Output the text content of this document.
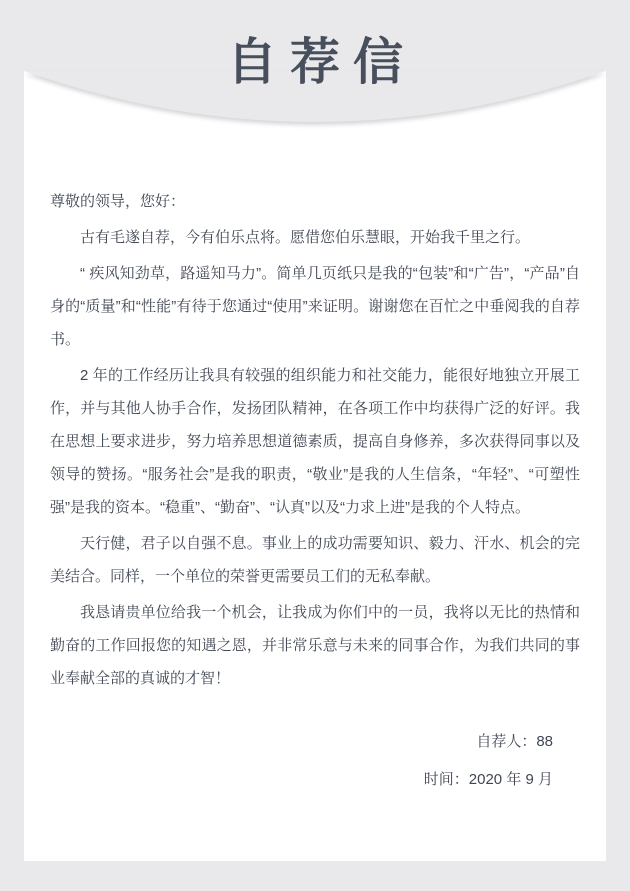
尊敬的领导，您好：

古有毛遂自荐，今有伯乐点将。愿借您伯乐慧眼，开始我千里之行。

“ 疾风知劲草，路遥知马力”。简单几页纸只是我的“包装”和“广告”，“产品”自身的“质量”和“性能”有待于您通过“使用”来证明。谢谢您在百忙之中垂阅我的自荐书。

2 年的工作经历让我具有较强的组织能力和社交能力，能很好地独立开展工作，并与其他人协手合作，发扬团队精神，在各项工作中均获得广泛的好评。我在思想上要求进步，努力培养思想道德素质，提高自身修养，多次获得同事以及领导的赞扬。“服务社会”是我的职责，“敬业”是我的人生信条，“年轻”、“可塑性强”是我的资本。“稳重”、“勤奋”、“认真”以及“力求上进”是我的个人特点。

天行健，君子以自强不息。事业上的成功需要知识、毅力、汗水、机会的完美结合。同样，一个单位的荣誉更需要员工们的无私奉献。

我恳请贵单位给我一个机会，让我成为你们中的一员，我将以无比的热情和勤奋的工作回报您的知遇之恩，并非常乐意与未来的同事合作，为我们共同的事业奉献全部的真诚的才智！

自荐人：88
时间：2020 年 9 月
自荐信
